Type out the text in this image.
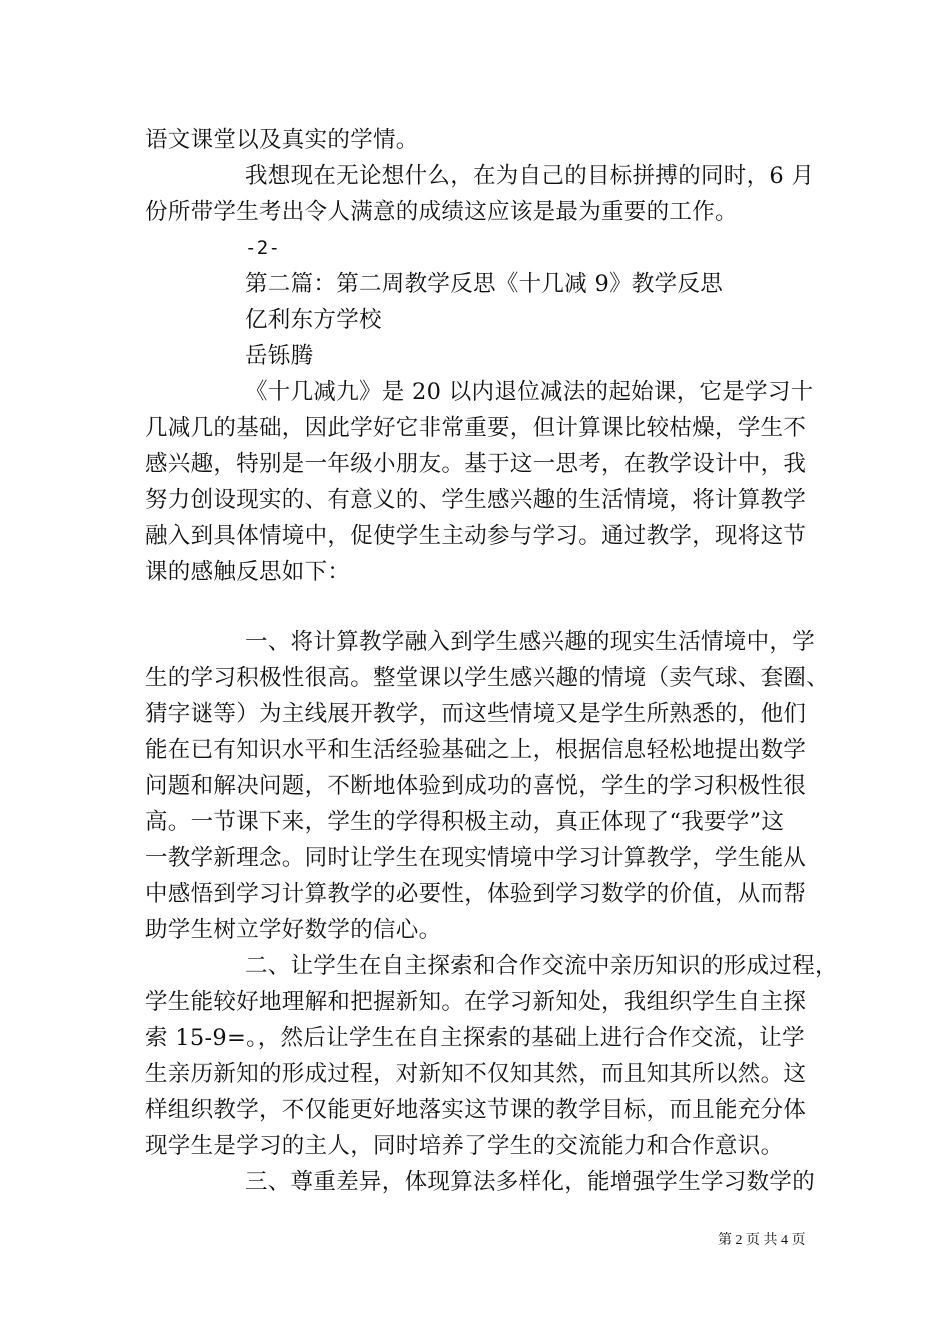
语文课堂以及真实的学情。
我想现在无论想什么，在为自己的目标拼搏的同时，6 月
份所带学生考出令人满意的成绩这应该是最为重要的工作。
-2-
第二篇：第二周教学反思《十几减 9》教学反思
亿利东方学校
岳铄腾
《十几减九》是 20 以内退位减法的起始课，它是学习十
几减几的基础，因此学好它非常重要，但计算课比较枯燥，学生不
感兴趣，特别是一年级小朋友。基于这一思考，在教学设计中，我
努力创设现实的、有意义的、学生感兴趣的生活情境，将计算教学
融入到具体情境中，促使学生主动参与学习。通过教学，现将这节
课的感触反思如下：
一、将计算教学融入到学生感兴趣的现实生活情境中，学
生的学习积极性很高。整堂课以学生感兴趣的情境（卖气球、套圈、
猜字谜等）为主线展开教学，而这些情境又是学生所熟悉的，他们
能在已有知识水平和生活经验基础之上，根据信息轻松地提出数学
问题和解决问题，不断地体验到成功的喜悦，学生的学习积极性很
高。一节课下来，学生的学得积极主动，真正体现了“我要学”这
一教学新理念。同时让学生在现实情境中学习计算教学，学生能从
中感悟到学习计算教学的必要性，体验到学习数学的价值，从而帮
助学生树立学好数学的信心。
二、让学生在自主探索和合作交流中亲历知识的形成过程，
学生能较好地理解和把握新知。在学习新知处，我组织学生自主探
索 15-9=。，然后让学生在自主探索的基础上进行合作交流，让学
生亲历新知的形成过程，对新知不仅知其然，而且知其所以然。这
样组织教学，不仅能更好地落实这节课的教学目标，而且能充分体
现学生是学习的主人，同时培养了学生的交流能力和合作意识。
三、尊重差异，体现算法多样化，能增强学生学习数学的
第 2 页 共 4 页
